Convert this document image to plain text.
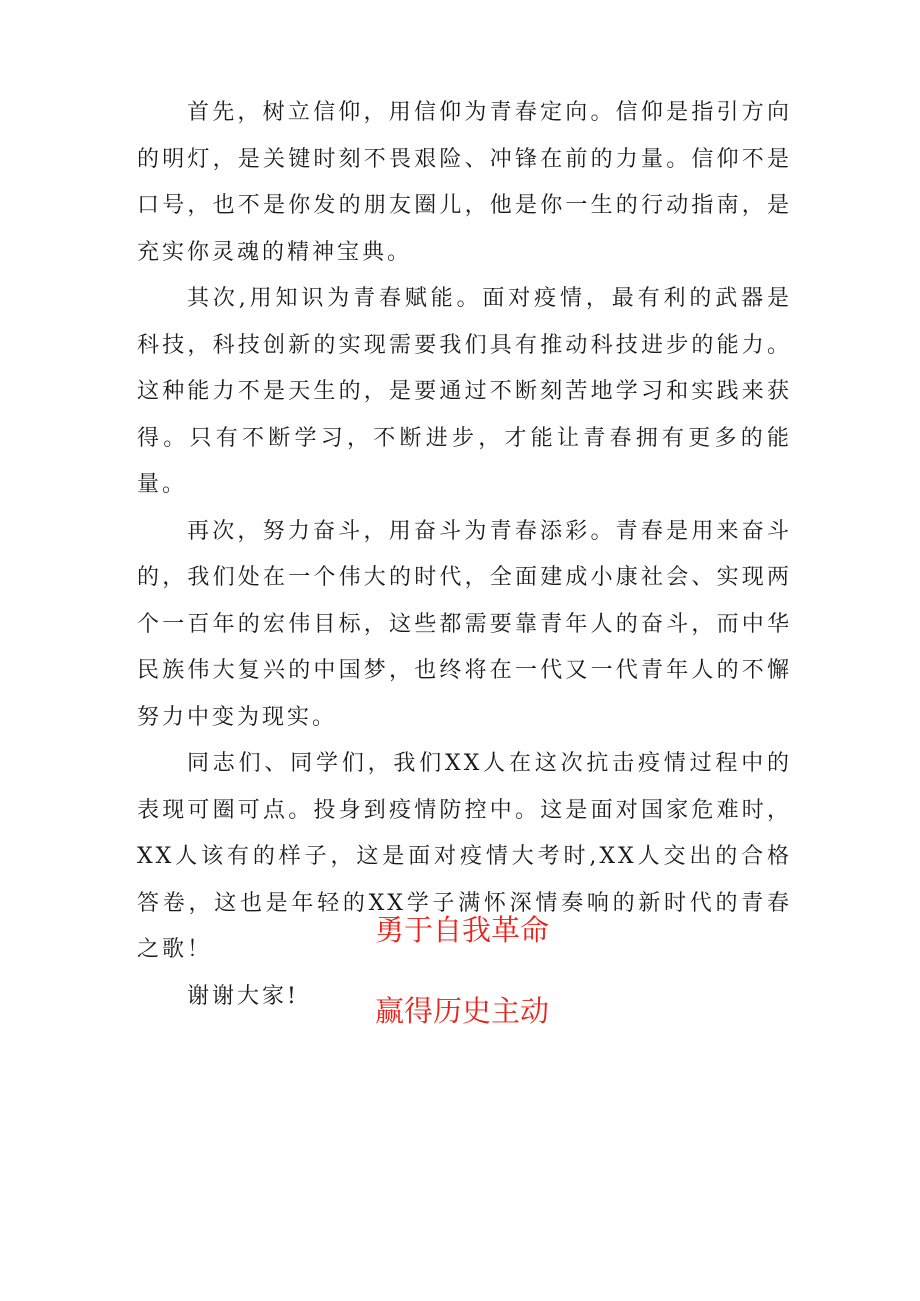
首先，树立信仰，用信仰为青春定向。信仰是指引方向的明灯，是关键时刻不畏艰险、冲锋在前的力量。信仰不是口号，也不是你发的朋友圈儿，他是你一生的行动指南，是充实你灵魂的精神宝典。

其次,用知识为青春赋能。面对疫情，最有利的武器是科技，科技创新的实现需要我们具有推动科技进步的能力。这种能力不是天生的，是要通过不断刻苦地学习和实践来获得。只有不断学习，不断进步，才能让青春拥有更多的能量。

再次，努力奋斗，用奋斗为青春添彩。青春是用来奋斗的，我们处在一个伟大的时代，全面建成小康社会、实现两个一百年的宏伟目标，这些都需要靠青年人的奋斗，而中华民族伟大复兴的中国梦，也终将在一代又一代青年人的不懈努力中变为现实。

同志们、同学们，我们XX人在这次抗击疫情过程中的表现可圈可点。投身到疫情防控中。这是面对国家危难时，XX人该有的样子，这是面对疫情大考时,XX人交出的合格答卷，这也是年轻的XX学子满怀深情奏响的新时代的青春之歌！

谢谢大家!

勇于自我革命

赢得历史主动
